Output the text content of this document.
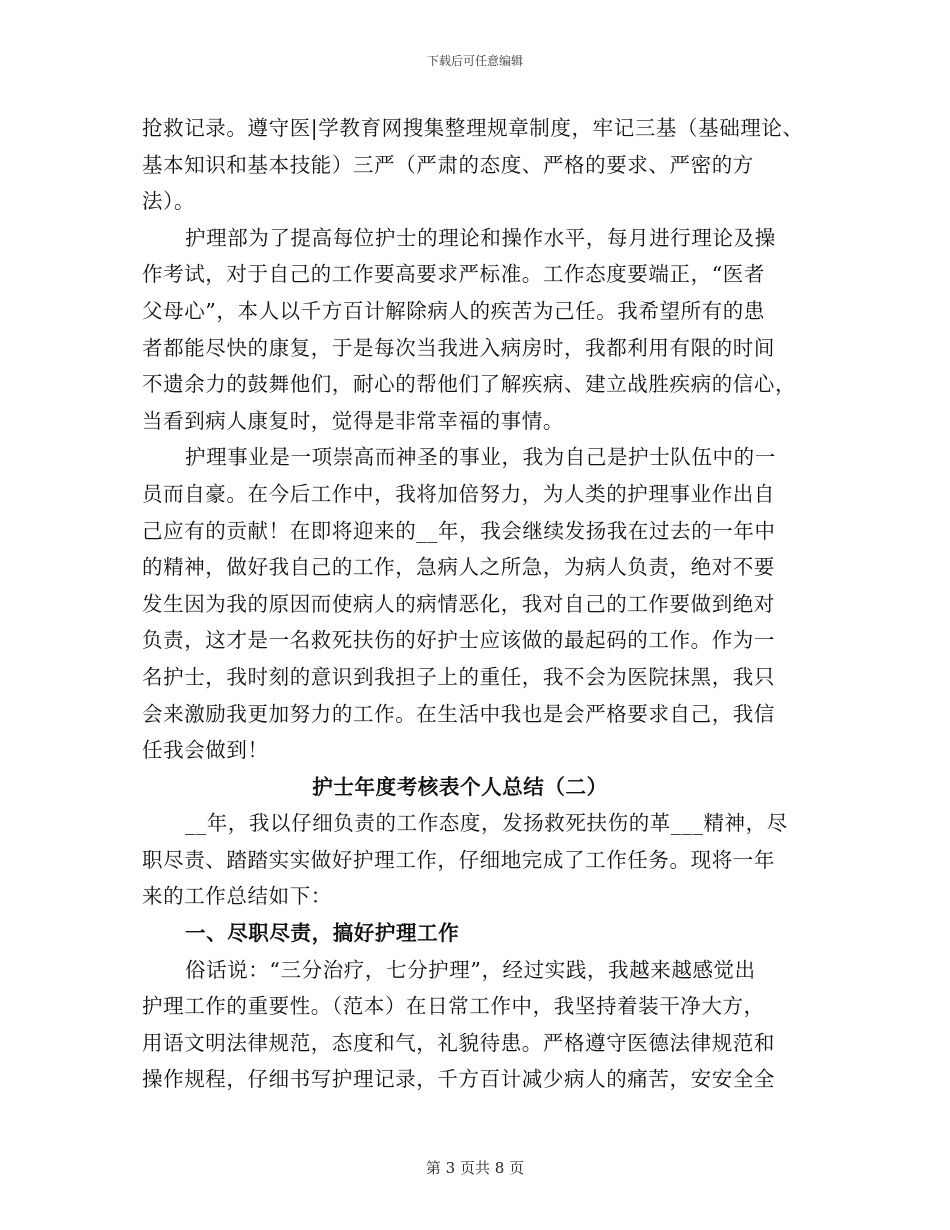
下载后可任意编辑
抢救记录。遵守医|学教育网搜集整理规章制度，牢记三基（基础理论、
基本知识和基本技能）三严（严肃的态度、严格的要求、严密的方
法）。
护理部为了提高每位护士的理论和操作水平，每月进行理论及操
作考试，对于自己的工作要高要求严标准。工作态度要端正，“医者
父母心”，本人以千方百计解除病人的疾苦为己任。我希望所有的患
者都能尽快的康复，于是每次当我进入病房时，我都利用有限的时间
不遗余力的鼓舞他们，耐心的帮他们了解疾病、建立战胜疾病的信心，
当看到病人康复时，觉得是非常幸福的事情。
护理事业是一项崇高而神圣的事业，我为自己是护士队伍中的一
员而自豪。在今后工作中，我将加倍努力，为人类的护理事业作出自
己应有的贡献！在即将迎来的__年，我会继续发扬我在过去的一年中
的精神，做好我自己的工作，急病人之所急，为病人负责，绝对不要
发生因为我的原因而使病人的病情恶化，我对自己的工作要做到绝对
负责，这才是一名救死扶伤的好护士应该做的最起码的工作。作为一
名护士，我时刻的意识到我担子上的重任，我不会为医院抹黑，我只
会来激励我更加努力的工作。在生活中我也是会严格要求自己，我信
任我会做到！
护士年度考核表个人总结（二）
__年，我以仔细负责的工作态度，发扬救死扶伤的革___精神，尽
职尽责、踏踏实实做好护理工作，仔细地完成了工作任务。现将一年
来的工作总结如下：
一、尽职尽责，搞好护理工作
俗话说：“三分治疗，七分护理”，经过实践，我越来越感觉出
护理工作的重要性。（范本）在日常工作中，我坚持着装干净大方，
用语文明法律规范，态度和气，礼貌待患。严格遵守医德法律规范和
操作规程，仔细书写护理记录，千方百计减少病人的痛苦，安安全全
第 3 页共 8 页
